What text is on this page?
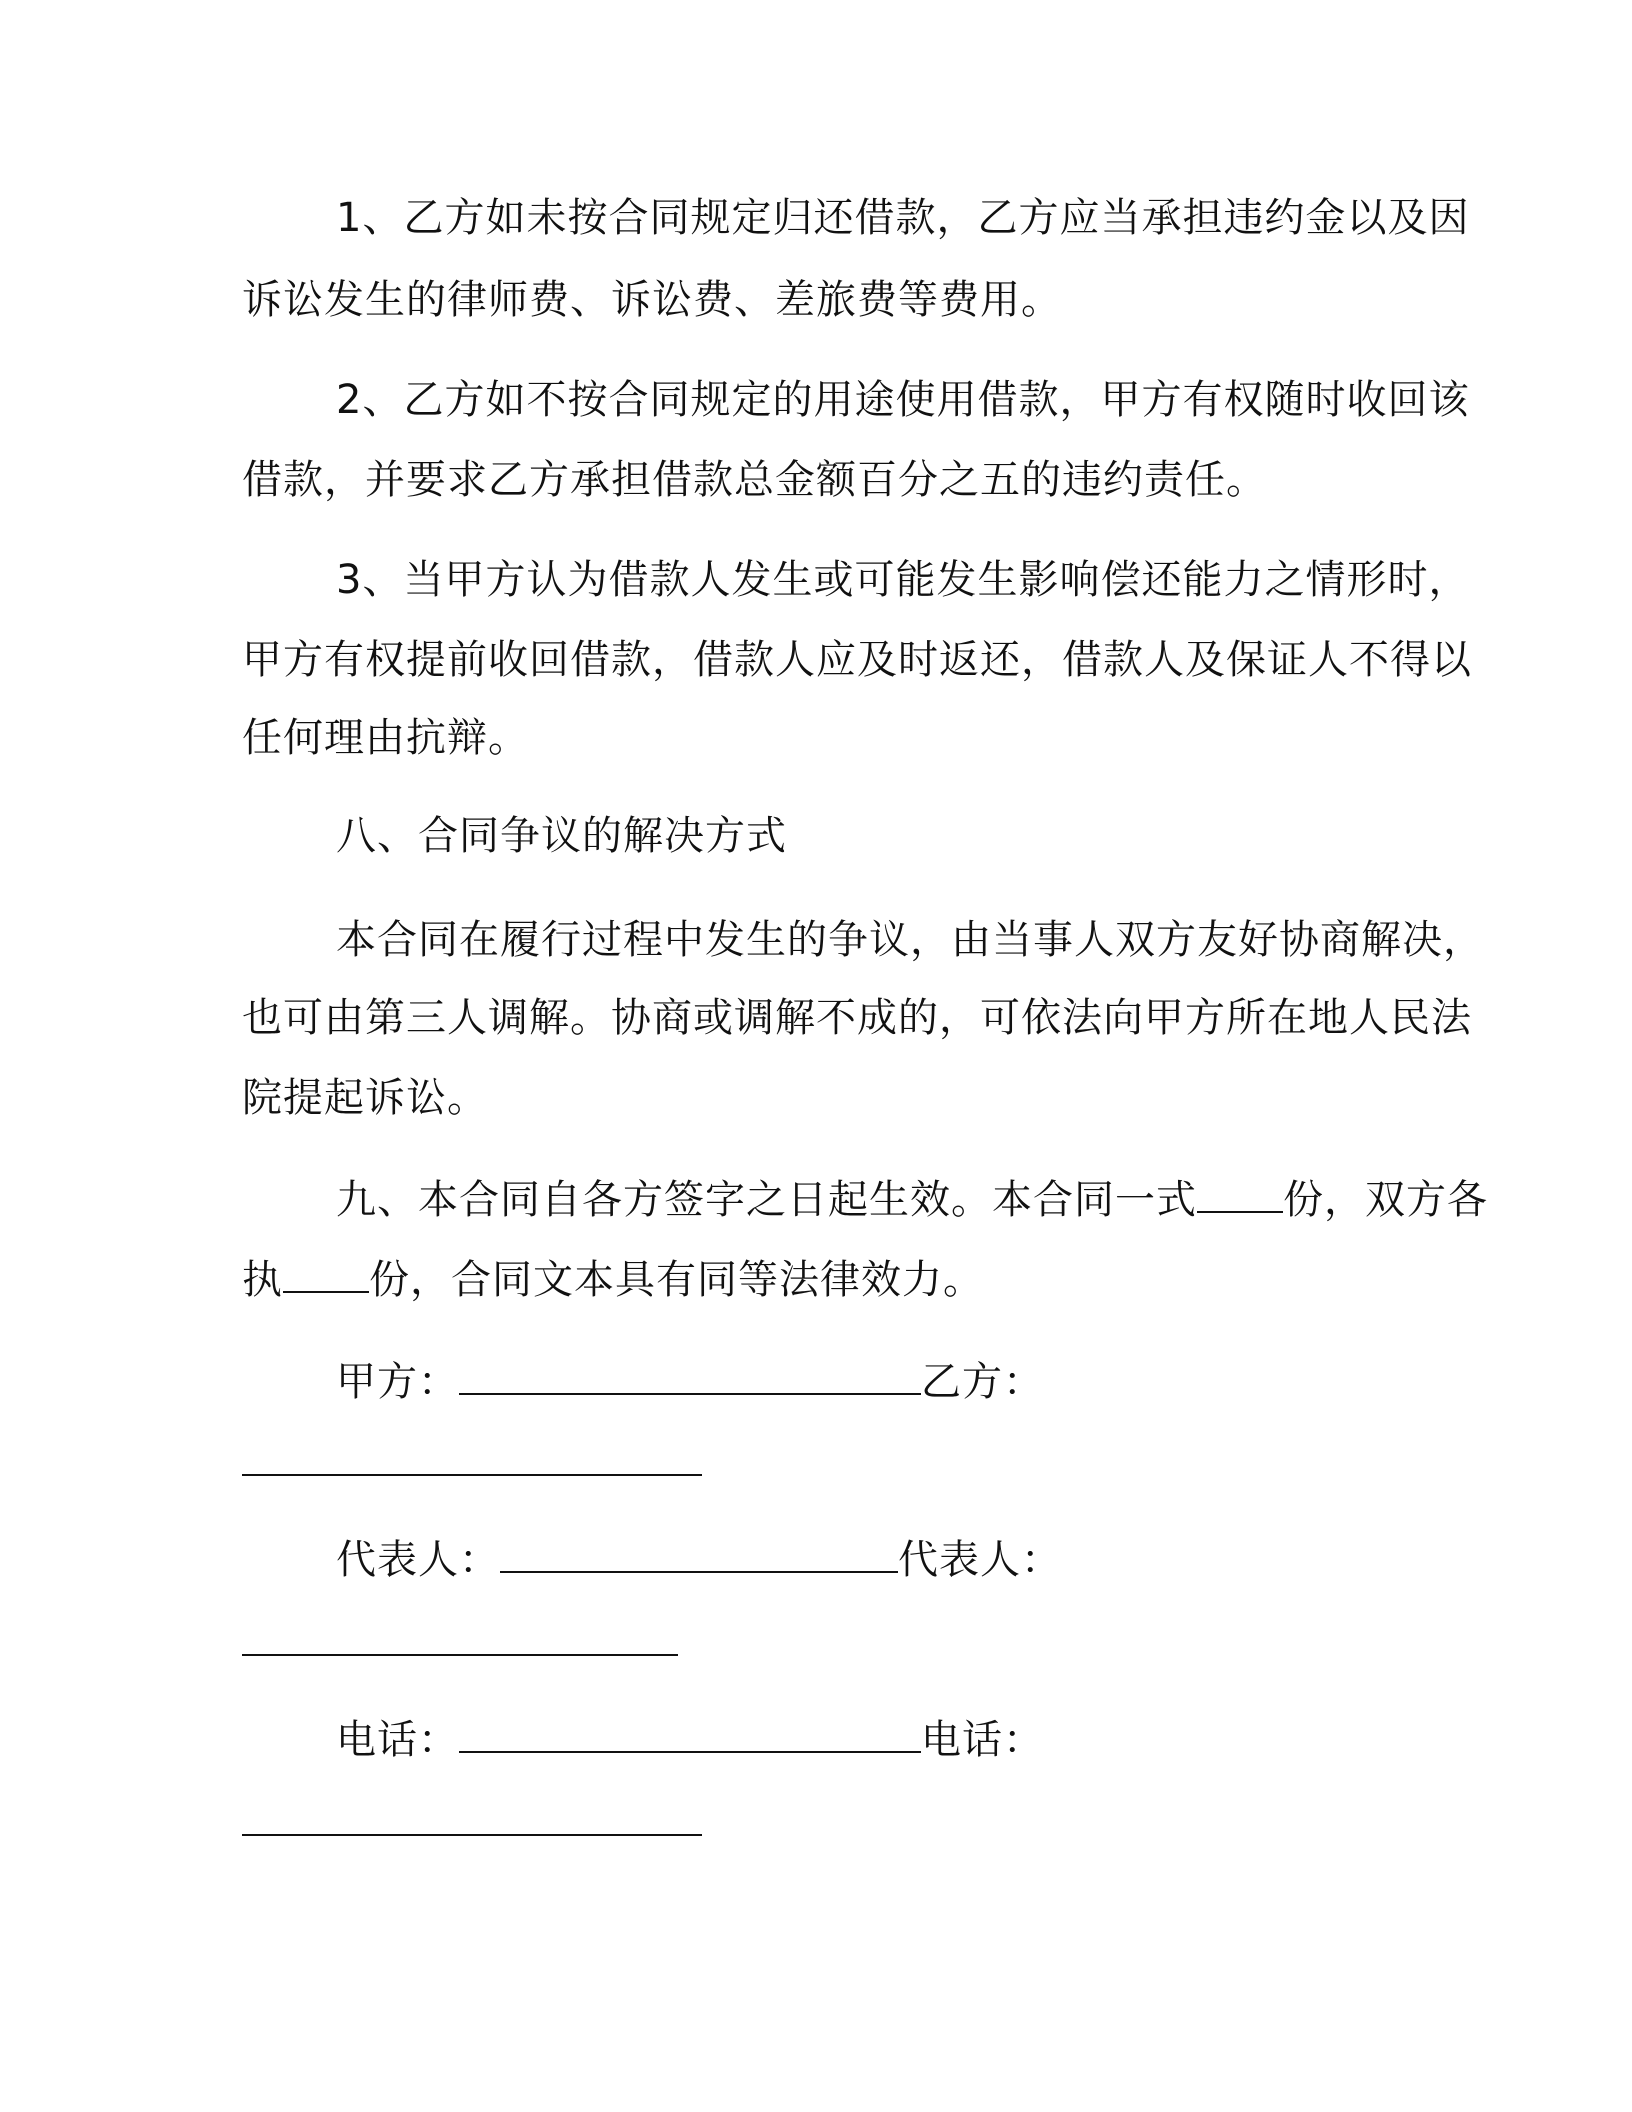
1、乙方如未按合同规定归还借款，乙方应当承担违约金以及因
诉讼发生的律师费、诉讼费、差旅费等费用。
2、乙方如不按合同规定的用途使用借款，甲方有权随时收回该
借款，并要求乙方承担借款总金额百分之五的违约责任。
3、当甲方认为借款人发生或可能发生影响偿还能力之情形时，
甲方有权提前收回借款，借款人应及时返还，借款人及保证人不得以
任何理由抗辩。
八、合同争议的解决方式
本合同在履行过程中发生的争议，由当事人双方友好协商解决，
也可由第三人调解。协商或调解不成的，可依法向甲方所在地人民法
院提起诉讼。
九、本合同自各方签字之日起生效。本合同一式 份，双方各
执 份，合同文本具有同等法律效力。
甲方：	乙方：
代表人：	代表人：
电话：	电话：
